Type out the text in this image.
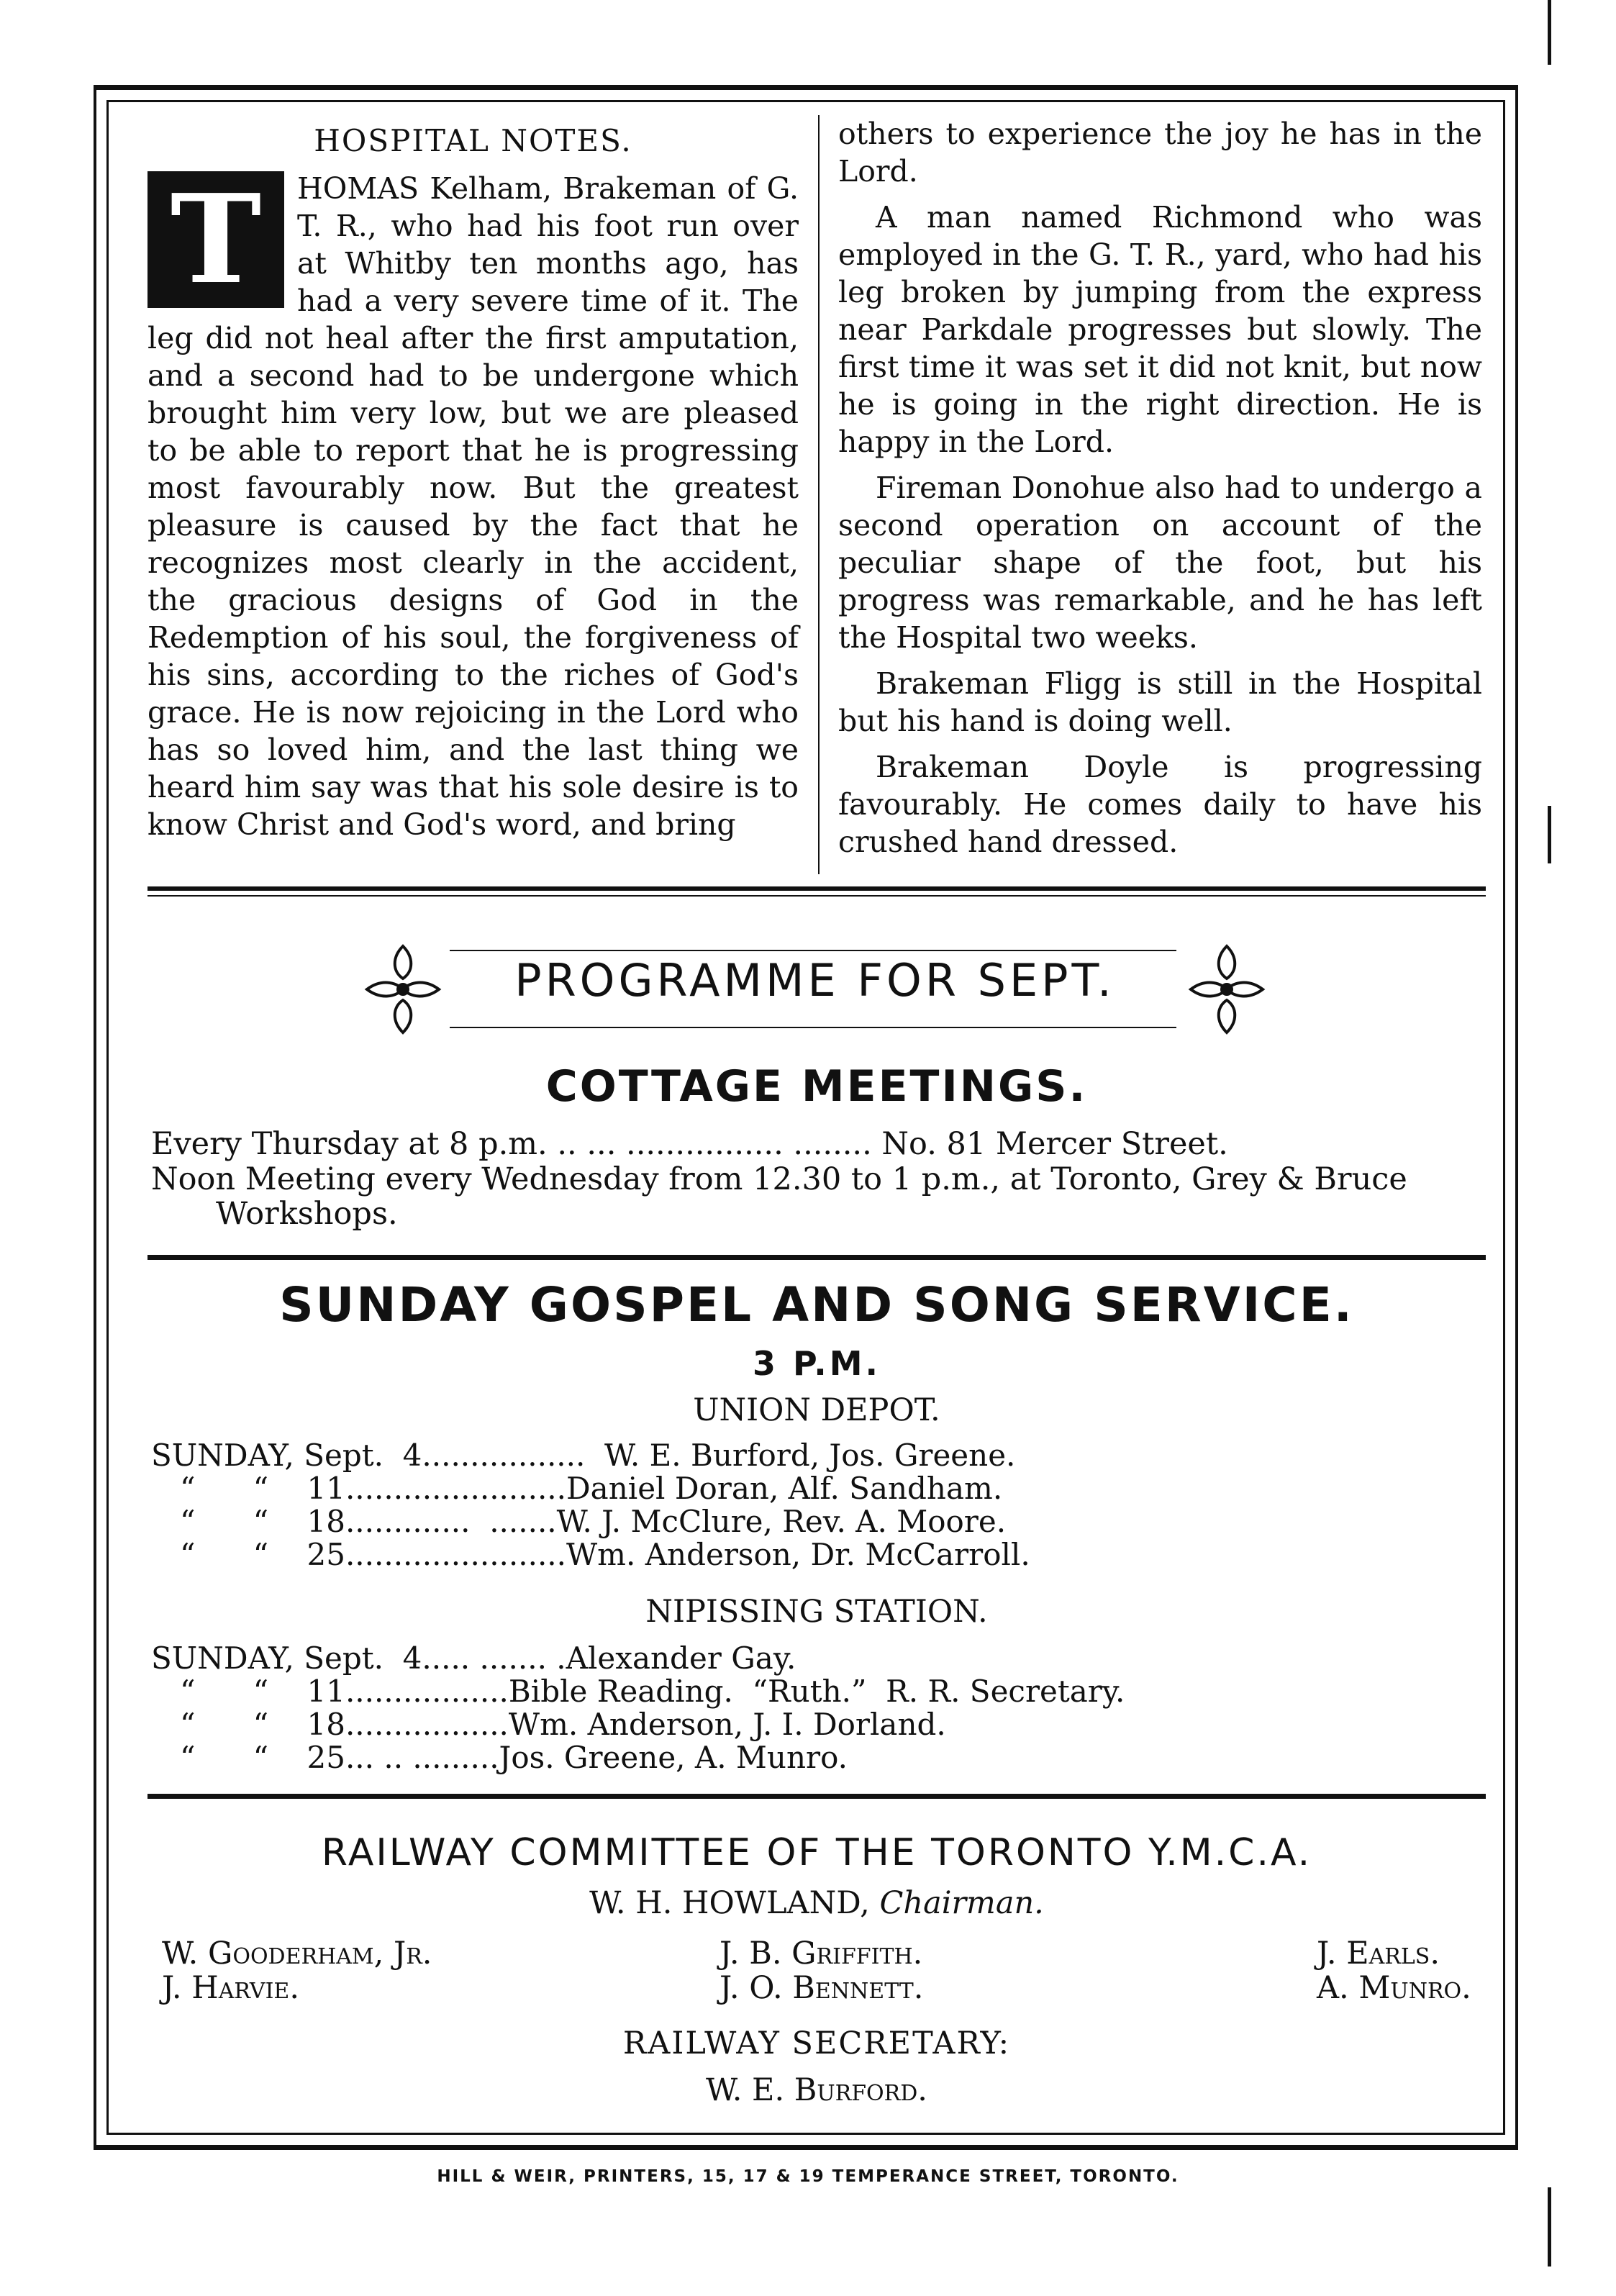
HOSPITAL NOTES.
T	HOMAS Kelham, Brakeman of G. T. R., who had his foot run over at Whitby ten months ago, has had a very severe time of it. The leg did not heal after the first amputation, and a second had to be undergone which brought him very low, but we are pleased to be able to report that he is progressing most favourably now. But the greatest pleasure is caused by the fact that he recognizes most clearly in the accident, the gracious designs of God in the Redemption of his soul, the forgiveness of his sins, according to the riches of God's grace. He is now rejoicing in the Lord who has so loved him, and the last thing we heard him say was that his sole desire is to know Christ and God's word, and bring

others to experience the joy he has in the Lord.

A man named Richmond who was employed in the G. T. R., yard, who had his leg broken by jumping from the express near Parkdale progresses but slowly. The first time it was set it did not knit, but now he is going in the right direction. He is happy in the Lord.

Fireman Donohue also had to undergo a second operation on account of the peculiar shape of the foot, but his progress was remarkable, and he has left the Hospital two weeks.

Brakeman Fligg is still in the Hospital but his hand is doing well.

Brakeman Doyle is progressing favourably. He comes daily to have his crushed hand dressed.

PROGRAMME FOR SEPT.
COTTAGE MEETINGS.
Every Thursday at 8 p.m. .. ... ................ ........ No. 81 Mercer Street.
Noon Meeting every Wednesday from 12.30 to 1 p.m., at Toronto, Grey & Bruce
Workshops.
SUNDAY GOSPEL AND SONG SERVICE.
3 P.M.
UNION DEPOT.
SUNDAY, Sept.  4.................  W. E. Burford, Jos. Greene.
“      “    11.......................Daniel Doran, Alf. Sandham.
“      “    18.............  .......W. J. McClure, Rev. A. Moore.
“      “    25.......................Wm. Anderson, Dr. McCarroll.
NIPISSING STATION.
SUNDAY, Sept.  4..... ....... .Alexander Gay.
“      “    11.................Bible Reading.  “Ruth.”  R. R. Secretary.
“      “    18.................Wm. Anderson, J. I. Dorland.
“      “    25... .. .........Jos. Greene, A. Munro.
RAILWAY COMMITTEE OF THE TORONTO Y.M.C.A.
W. H. HOWLAND, Chairman.
W. Gooderham, Jr.	J. B. Griffith.	J. Earls.
J. Harvie.	J. O. Bennett.	A. Munro.
RAILWAY SECRETARY:
W. E. Burford.
HILL & WEIR, PRINTERS, 15, 17 & 19 TEMPERANCE STREET, TORONTO.
